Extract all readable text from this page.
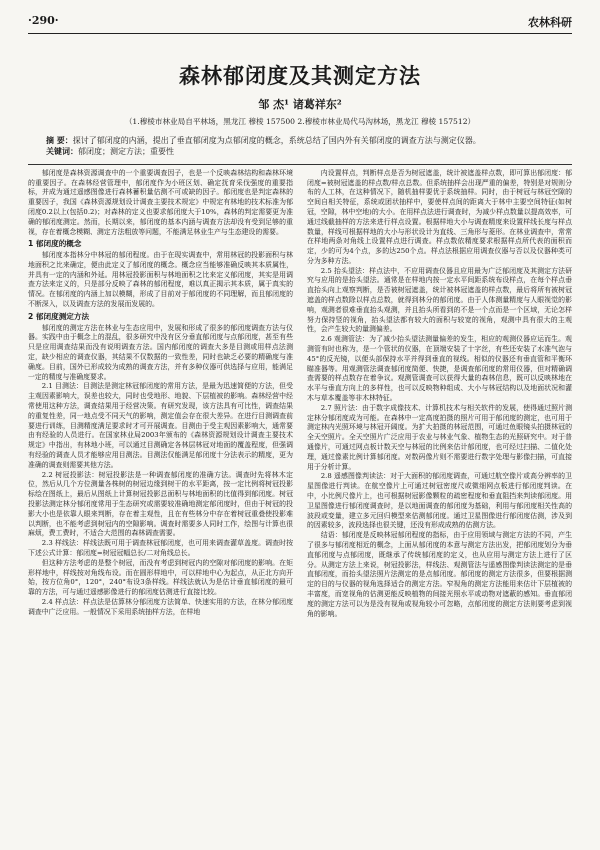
·290·	农林科研
森林郁闭度及其测定方法
邹 杰¹ 诸葛祥东²
（1.穆棱市林业局自平林场，黑龙江 穆棱 157500 2.穆棱市林业局代马沟林场，黑龙江 穆棱 157512）
摘 要：探讨了郁闭度的内涵，提出了垂直郁闭度为点郁闭度的概念，系统总结了国内外有关郁闭度的调查方法与测定仪器。
关键词：郁闭度；测定方法；重要性

郁闭度是森林资源调查中的一个重要调查因子，也是一个反映森林结构和森林环境的重要因子。在森林经营管理中，郁闭度作为小班区划、确定抚育采伐强度的重要指标，并成为通过遥感图像进行森林蓄积量估测不可或缺的因子。郁闭度也是判定森林的重要因子，我国《森林资源规划设计调查主要技术规定》中规定有林地的技术标准为郁闭度0.2以上(包括0.2)；对森林的定义也要求郁闭度大于10%，森林的判定需要更为准确的郁闭度测定。然而，长期以来，郁闭度的基本内涵与调查方法却没有受到足够的重视，存在着概念模糊、测定方法粗放等问题，不能满足林业生产与生态建设的需要。

1 郁闭度的概念

郁闭度本指林分中林冠的郁闭程度。由于在现实调查中，常用林冠的投影面积与林地面积之比来确定，便由此定义了郁闭度的概念。概念应当能够准确反映其本质属性，并具有一定的内涵和外延。用林冠投影面积与林地面积之比来定义郁闭度，其实是用调查方法来定义的，只是部分反映了森林的郁闭程度，难以真正揭示其本质，属于真实的情况。在郁闭度的内涵上加以模糊，形成了目前对于郁闭度的不同理解，而且郁闭度的不断深入，以及调查方法的发展而发展的。

2 郁闭度测定方法

郁闭度的测定方法在林业与生态应用中，发展和形成了很多的郁闭度调查方法与仪器。实践中由于概念上的混乱，很多研究中没有区分垂直郁闭度与点郁闭度，甚至有些只是应用调查结果而没有说明调查方法。国内郁闭度的调查大多是目测或用样点法测定，缺少相应的调查仪器，其结果不仅数据的一致性差，同时也缺乏必要的精确度与准确度。目前，国外已形成较为成熟的调查方法，并有多种仪器可供选择与应用，能满足一定的精度与准确度要求。

2.1 目测法：目测法是测定林冠郁闭度的常用方法，是最为迅速简便的方法，但受主观因素影响大，误差也较大，同时也受地形、地貌、下层植被的影响。森林经营中经常使用这种方法，调查结果用于经营决策。有研究发现，该方法具有可比性，调查结果的重复性差，同一地点受不同天气的影响，测定值会存在很大差异。在进行目测调查前要进行训练，目测精度满足要求时才可开展调查。目测由于受主观因素影响大，通常要由有经验的人员进行。在国家林业局2003年颁布的《森林资源规划设计调查主要技术规定》中指出，有林地小班，可以通过目测确定各林层林冠对地面的覆盖程度，但强调有经验的调查人员才能够应用目测法。目测法仅能满足郁闭度十分法表示的精度，更为准确的调查则需要其他方法。

2.2 树冠投影法：树冠投影法是一种调查郁闭度的准确方法。调查时先将林木定位，然后从几个方位测量各株树的树冠边缘到树干的水平距离，按一定比例将树冠投影标绘在图纸上，最后从图纸上计算树冠投影总面积与林地面积的比值得到郁闭度。树冠投影法测定林分郁闭度常用于生态研究或需要较准确地测定郁闭度时，但由于树冠的投影大小也是依靠人眼来判断，存在着主观性，且在有些林分中存在着树冠重叠使投影难以判断，也不能考虑到树冠内的空隙影响。调查时需要多人同时工作，绘图与计算也很麻烦，费工费时，不适合大范围的森林调查需要。

2.3 样线法：样线法既可用于调查林冠郁闭度，也可用来调查灌草盖度。调查时按下述公式计算：郁闭度=树冠冠幅总长/二对角线总长。

但这种方法考虑的是整个树冠，而没有考虑到树冠内的空隙对郁闭度的影响。在矩形样地中，样线按对角线布设。而在圆形样地中，可以样地中心为起点，从正北方向开始，按方位角0°，120°，240°布设3条样线。样线法就认为是估计垂直郁闭度的最可靠的方法，可与通过遥感影像进行的郁闭度估测进行直接比较。

2.4 样点法：样点法是估算林分郁闭度方法简单、快速实用的方法，在林分郁闭度调查中广泛应用。一般情况下采用系统抽样方法，在样地

内设置样点，判断样点是否为树冠遮盖，统计被遮盖样点数，即可算出郁闭度：郁闭度=被树冠遮盖的样点数/样点总数。但系统抽样会出现严重的偏差，特别是对规则分布的人工林，在这种情况下，随机抽样要优于系统抽样。同时，由于树冠与林冠空隙的空间自相关特征，系统或团状抽样中，要使样点间的距离大于林中主要空间特征(如树冠，空隙，林中空地)的大小。在用样点法进行调查时，为减少样点数量以提高效率，可通过线截抽样的方法来进行样点设置。根据样地大小与调查精度来设置样线长度与样点数量，样线可根据样地的大小与形状设计为直线、三角形与菱形。在林业调查中，常常在样地两条对角线上设置样点进行调查。样点数依精度要求根据样点所代表的面积而定，少的可为4个点，多的达250个点。样点法根据应用调查仪器与否以及仪器种类可分为多种方法。

2.5 抬头望法：样点法中，不应用调查仪器且应用最为广泛郁闭度及其测定方法研究与应用的是抬头望法。通常是在样地内按一定水平间距系统布设样点，在每个样点垂直抬头向上观察判断，是否被树冠遮盖，统计被林冠遮盖的样点数，最后将所有被树冠遮盖的样点数除以样点总数，就得到林分的郁闭度。由于人体测量精度与人眼视觉的影响，观测者很难垂直抬头观测，并且抬头所看到的不是一个点而是一个区域，无论怎样努力保持竖的视角，抬头望法都有较大的面积与较宽的视角，观测中具有很大的主观性，会产生较大的量测偏差。

2.6 观测管法：为了减少抬头望法测量偏差的发生，相应的观测仪器应运而生。观测管有时也称为，是一个管状的仪器，在顶端安装了十字丝，有些还安装了水准气泡与45°的反光镜，以便头部保持水平并得到垂直的视线。相似的仪器还有垂直管和平衡环瞄准器等。用观测管法调查郁闭度简便、快捷，是调查郁闭度的常用仪器，但对精确调查需要的样点数存在着争议。观测管调查可以获得大量的森林信息，既可以反映林地在水平与垂直方向上的多样性，也可以反映物种组成、大小与林冠结构以及地面状况和灌木与草本覆盖等非木林特征。

2.7 照片法：由于数字成像技术、计算机技术与相关软件的发展，使得通过照片测定林分郁闭度成为可能。在森林中一定高度拍摄的照片可用于郁闭度的测定，也可用于测定林内光照环境与林冠开阔度。为扩大拍摄的林冠范围，可通过鱼眼镜头拍摄林冠的全天空照片。全天空照片广泛应用于农业与林业气象、植物生态的光照研究中。对于普通像片，可通过网点板计数天空与林冠的比例来估计郁闭度，也可经过扫描、二值化处理，通过像素比例计算郁闭度。对数码像片则不需要进行数字处理与影像扫描，可直接用于分析计算。

2.8 遥感图像判读法：对于大面积的郁闭度调查，可通过航空像片或高分辨率的卫星图像进行判读。在航空像片上可通过树冠密度尺或微细网点板进行郁闭度判读。在中，小比例尺像片上，也可根据树冠影像颗粒的疏密程度和垂直阻挡来判读郁闭度。用卫星图像进行郁闭度调查时，是以地面调查的郁闭度为基础，利用与郁闭度相关性高的波段或变量，建立多元回归模型来估测郁闭度。通过卫星图像进行郁闭度估测，涉及到的因素较多，波段选择也很关键，还没有形成成熟的估测方法。

结语：郁闭度是反映林冠郁闭程度的指标，由于应用领域与测定方法的不同，产生了很多与郁闭度相近的概念，上面从郁闭度的本意与测定方法出发，把郁闭度划分为垂直郁闭度与点郁闭度，既继承了传统郁闭度的定义，也从应用与测定方法上进行了区分。从测定方法上来说，树冠投影法，样线法、观测管法与遥感图像判读法测定的是垂直郁闭度，而抬头望法照片法测定的是点郁闭度。郁闭度的测定方法很多，但要根据测定的目的与仪器的视角选择适合的测定方法。窄视角的测定方法能用来估计下层植被的丰富度，而宽视角的估测更能反映植物的间接光照水平或动物对遮蔽的感知。垂直郁闭度的测定方法可以为是没有视角或视角较小可忽略，点郁闭度的测定方法则要考虑到视角的影响。
